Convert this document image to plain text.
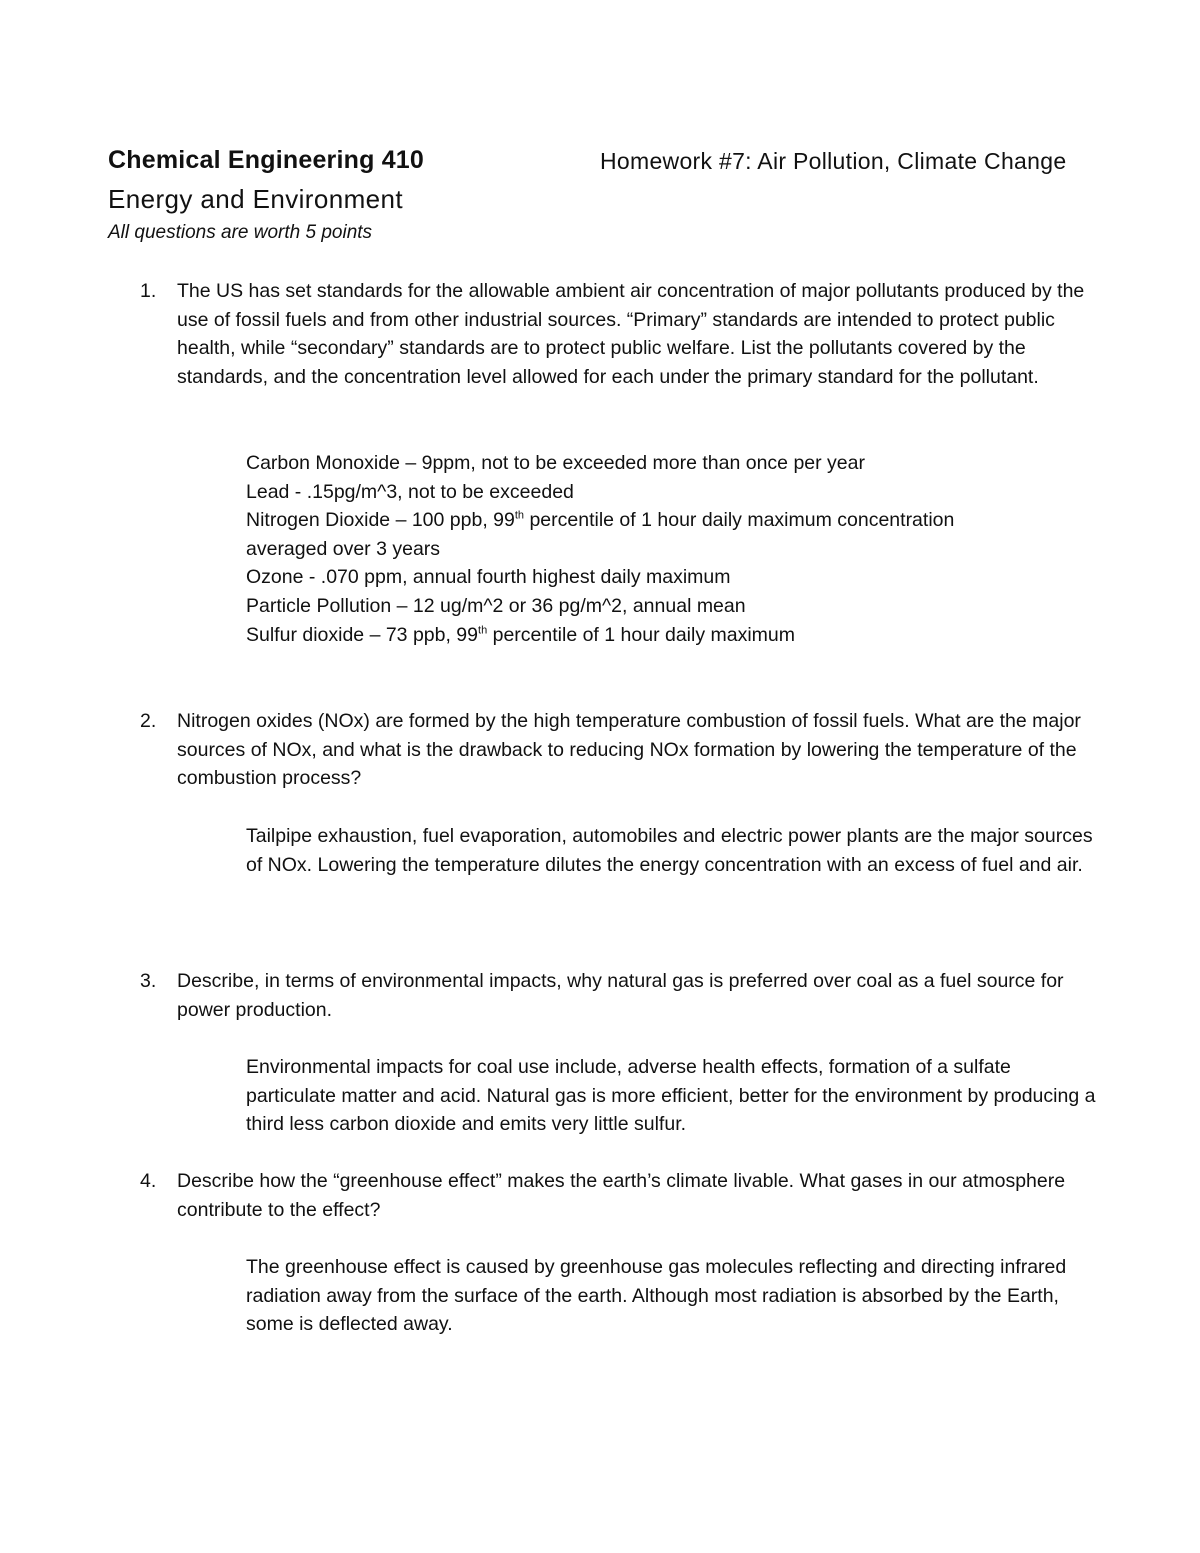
Chemical Engineering 410	Homework #7: Air Pollution, Climate Change
Energy and Environment
All questions are worth 5 points
1. The US has set standards for the allowable ambient air concentration of major pollutants produced by the use of fossil fuels and from other industrial sources. “Primary” standards are intended to protect public health, while “secondary” standards are to protect public welfare. List the pollutants covered by the standards, and the concentration level allowed for each under the primary standard for the pollutant.
Carbon Monoxide – 9ppm, not to be exceeded more than once per year
Lead - .15pg/m^3, not to be exceeded
Nitrogen Dioxide – 100 ppb, 99th percentile of 1 hour daily maximum concentration
averaged over 3 years
Ozone - .070 ppm, annual fourth highest daily maximum
Particle Pollution – 12 ug/m^2 or 36 pg/m^2, annual mean
Sulfur dioxide – 73 ppb, 99th percentile of 1 hour daily maximum
2. Nitrogen oxides (NOx) are formed by the high temperature combustion of fossil fuels. What are the major sources of NOx, and what is the drawback to reducing NOx formation by lowering the temperature of the combustion process?
Tailpipe exhaustion, fuel evaporation, automobiles and electric power plants are the major sources of NOx. Lowering the temperature dilutes the energy concentration with an excess of fuel and air.
3. Describe, in terms of environmental impacts, why natural gas is preferred over coal as a fuel source for power production.
Environmental impacts for coal use include, adverse health effects, formation of a sulfate particulate matter and acid. Natural gas is more efficient, better for the environment by producing a third less carbon dioxide and emits very little sulfur.
4. Describe how the “greenhouse effect” makes the earth’s climate livable. What gases in our atmosphere contribute to the effect?
The greenhouse effect is caused by greenhouse gas molecules reflecting and directing infrared radiation away from the surface of the earth. Although most radiation is absorbed by the Earth, some is deflected away.
